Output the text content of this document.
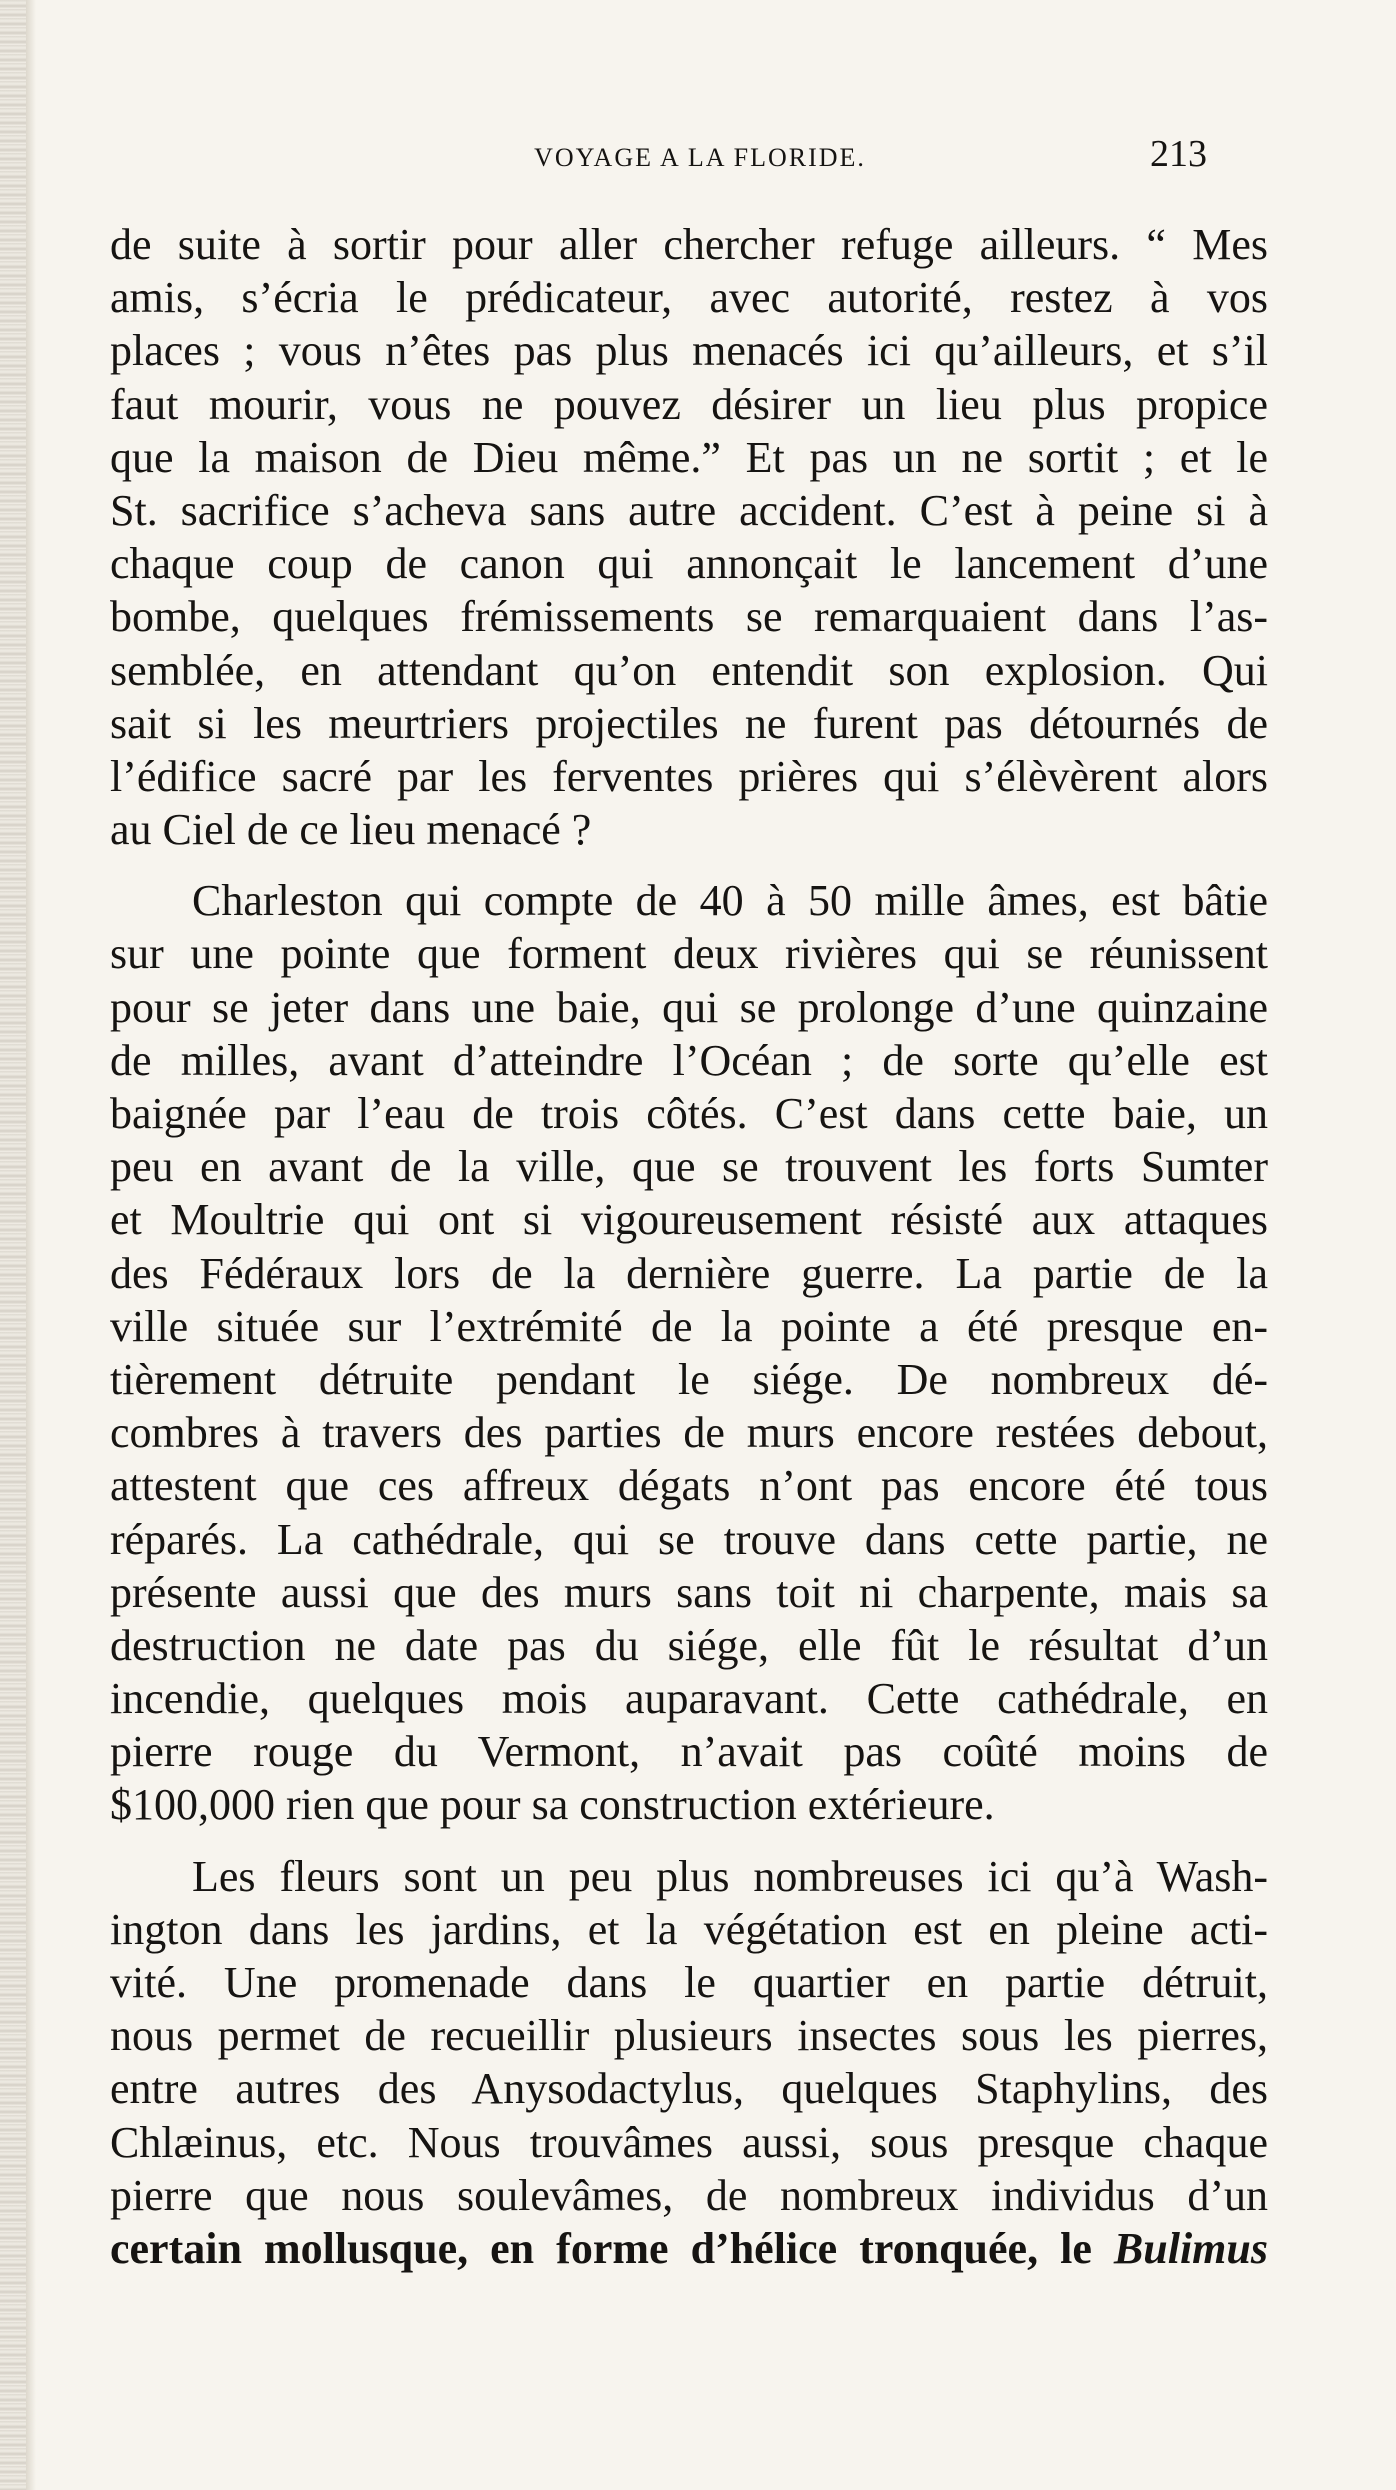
VOYAGE A LA FLORIDE.	213
de suite à sortir pour aller chercher refuge ailleurs. “ Mes
amis, s’écria le prédicateur, avec autorité, restez à vos
places ; vous n’êtes pas plus menacés ici qu’ailleurs, et s’il
faut mourir, vous ne pouvez désirer un lieu plus propice
que la maison de Dieu même.” Et pas un ne sortit ; et le
St. sacrifice s’acheva sans autre accident. C’est à peine si à
chaque coup de canon qui annonçait le lancement d’une
bombe, quelques frémissements se remarquaient dans l’as-
semblée, en attendant qu’on entendit son explosion. Qui
sait si les meurtriers projectiles ne furent pas détournés de
l’édifice sacré par les ferventes prières qui s’élèvèrent alors
au Ciel de ce lieu menacé ?
Charleston qui compte de 40 à 50 mille âmes, est bâtie
sur une pointe que forment deux rivières qui se réunissent
pour se jeter dans une baie, qui se prolonge d’une quinzaine
de milles, avant d’atteindre l’Océan ; de sorte qu’elle est
baignée par l’eau de trois côtés. C’est dans cette baie, un
peu en avant de la ville, que se trouvent les forts Sumter
et Moultrie qui ont si vigoureusement résisté aux attaques
des Fédéraux lors de la dernière guerre. La partie de la
ville située sur l’extrémité de la pointe a été presque en-
tièrement détruite pendant le siége. De nombreux dé-
combres à travers des parties de murs encore restées debout,
attestent que ces affreux dégats n’ont pas encore été tous
réparés. La cathédrale, qui se trouve dans cette partie, ne
présente aussi que des murs sans toit ni charpente, mais sa
destruction ne date pas du siége, elle fût le résultat d’un
incendie, quelques mois auparavant. Cette cathédrale, en
pierre rouge du Vermont, n’avait pas coûté moins de
$100,000 rien que pour sa construction extérieure.
Les fleurs sont un peu plus nombreuses ici qu’à Wash-
ington dans les jardins, et la végétation est en pleine acti-
vité. Une promenade dans le quartier en partie détruit,
nous permet de recueillir plusieurs insectes sous les pierres,
entre autres des Anysodactylus, quelques Staphylins, des
Chlæinus, etc. Nous trouvâmes aussi, sous presque chaque
pierre que nous soulevâmes, de nombreux individus d’un
certain mollusque, en forme d’hélice tronquée, le Bulimus
